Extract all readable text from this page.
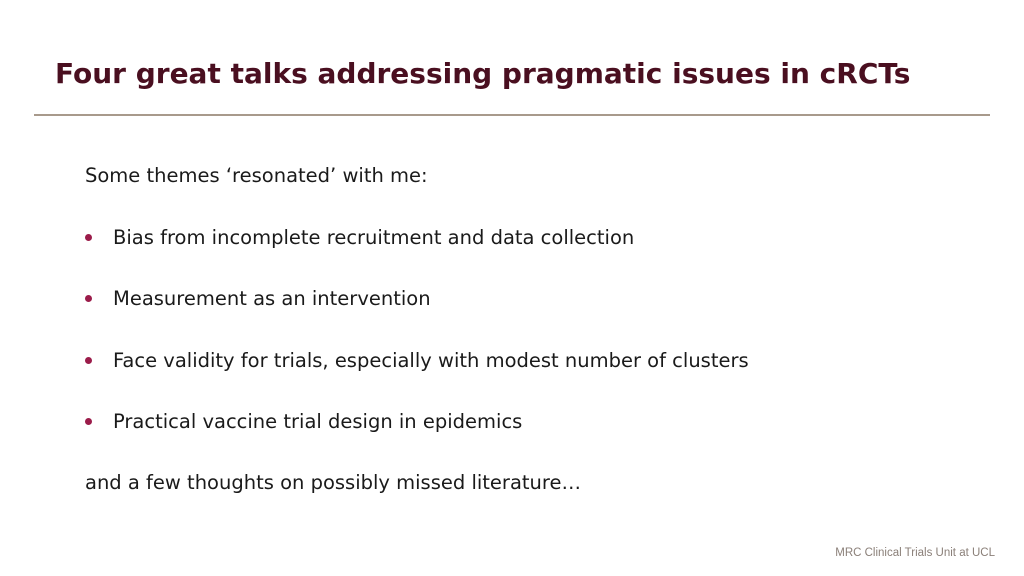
Four great talks addressing pragmatic issues in cRCTs
Some themes ‘resonated’ with me:
Bias from incomplete recruitment and data collection
Measurement as an intervention
Face validity for trials, especially with modest number of clusters
Practical vaccine trial design in epidemics
and a few thoughts on possibly missed literature…
MRC Clinical Trials Unit at UCL
